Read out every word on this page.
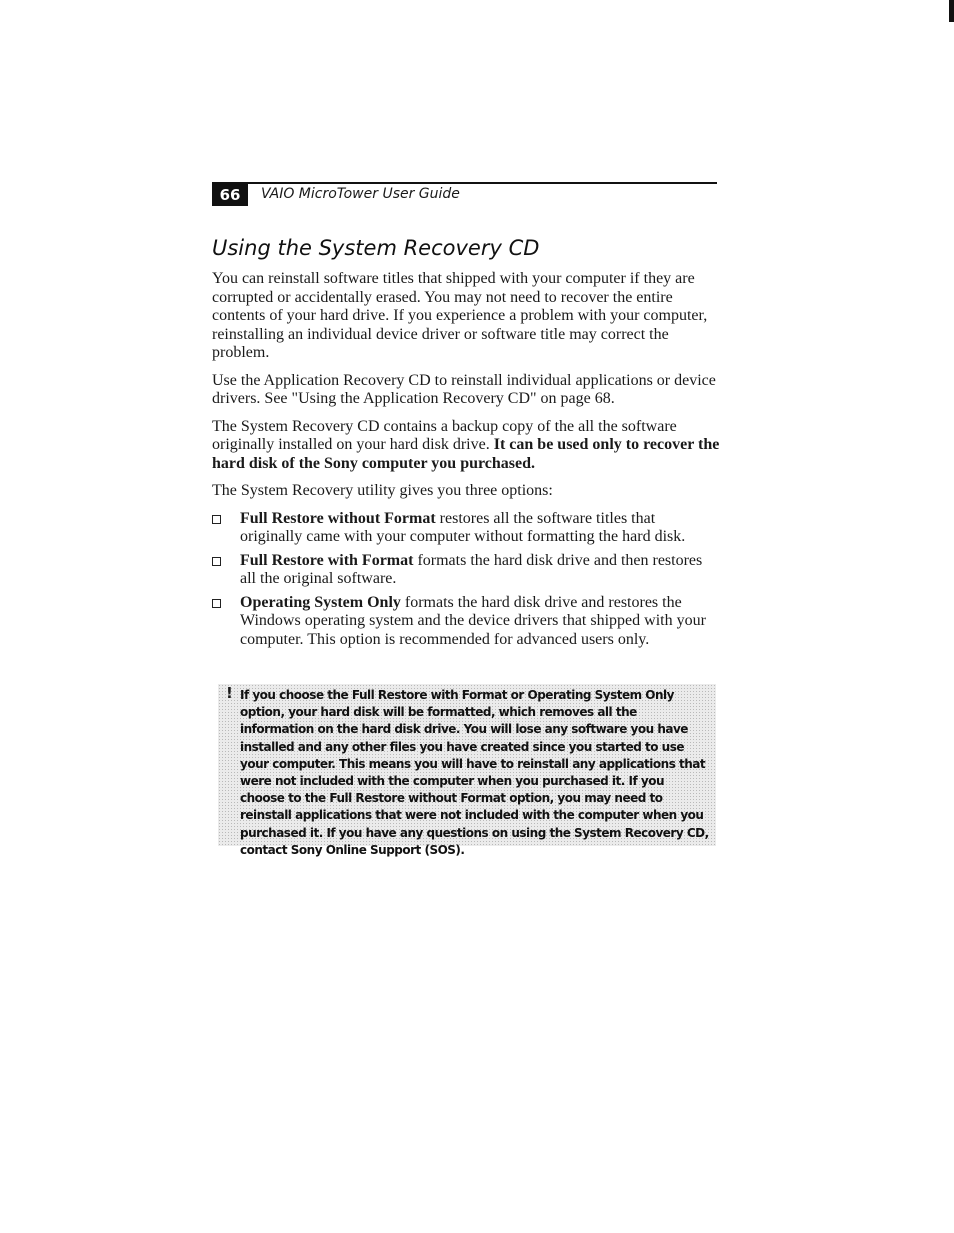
66	VAIO MicroTower User Guide
Using the System Recovery CD

You can reinstall software titles that shipped with your computer if they are corrupted or accidentally erased. You may not need to recover the entire contents of your hard drive. If you experience a problem with your computer, reinstalling an individual device driver or software title may correct the problem.

Use the Application Recovery CD to reinstall individual applications or device drivers. See "Using the Application Recovery CD" on page 68.

The System Recovery CD contains a backup copy of the all the software originally installed on your hard disk drive. It can be used only to recover the hard disk of the Sony computer you purchased.

The System Recovery utility gives you three options:

Full Restore without Format restores all the software titles that originally came with your computer without formatting the hard disk.
Full Restore with Format formats the hard disk drive and then restores all the original software.
Operating System Only formats the hard disk drive and restores the Windows operating system and the device drivers that shipped with your computer. This option is recommended for advanced users only.
! If you choose the Full Restore with Format or Operating System Only option, your hard disk will be formatted, which removes all the information on the hard disk drive. You will lose any software you have installed and any other files you have created since you started to use your computer. This means you will have to reinstall any applications that were not included with the computer when you purchased it. If you choose to the Full Restore without Format option, you may need to reinstall applications that were not included with the computer when you purchased it. If you have any questions on using the System Recovery CD, contact Sony Online Support (SOS).
